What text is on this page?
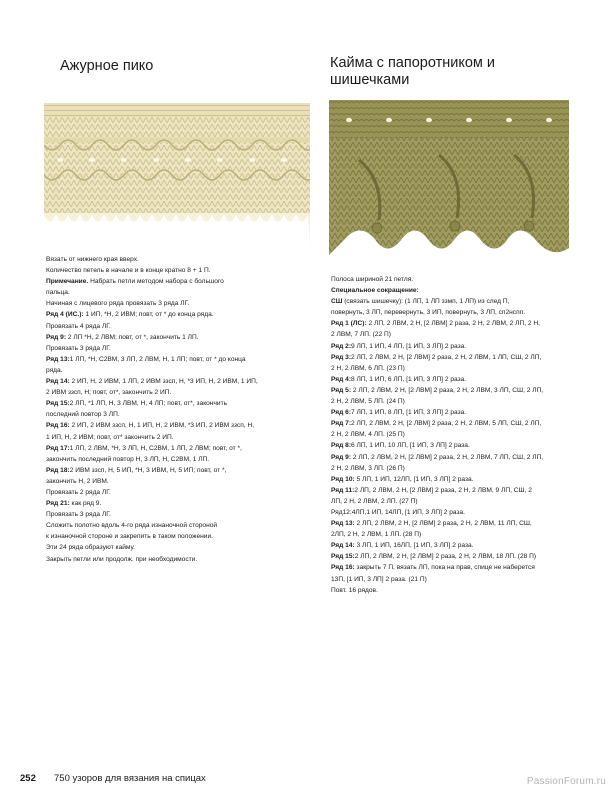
Ажурное пико	Кайма с папоротником и шишечками
Вязать от нижнего края вверх.
Количество петель в начале и в конце кратно 8 + 1 П.
Примечание. Набрать петли методом набора с большого
пальца.
Начиная с лицевого ряда провязать 3 ряда ЛГ.
Ряд 4 (ИС.): 1 ИП, *Н, 2 ИВМ; повт, от * до конца ряда.
Провязать 4 ряда ЛГ.
Ряд 9: 2 ЛП *Н, 2 ЛВМ; повт, от *, закончить 1 ЛП.
Провязать 3 ряда ЛГ.
Ряд 13:1 ЛП, *Н, С2ВМ, 3 ЛП, 2 ЛВМ, Н, 1 ЛП; повт, от * до конца
ряда.
Ряд 14: 2 ИП, Н, 2 ИВМ, 1 ЛП, 2 ИВМ ззсп, Н, *3 ИП, Н, 2 ИВМ, 1 ИП,
2 ИВМ ззсп, Н; повт, от*, закончить 2 ИП.
Ряд 15:2 ЛП, *1 ЛП, Н, 3 ЛВМ, Н, 4 ЛП; повт, от*, закончить
последний повтор 3 ЛП.
Ряд 16: 2 ИП, 2 ИВМ ззсп, Н, 1 ИП, Н, 2 ИВМ, *3 ИП, 2 ИВМ ззсп, Н,
1 ИП, Н, 2 ИВМ; повт, от* закончить 2 ИП.
Ряд 17:1 ЛП, 2 ЛВМ, *Н, 3 ЛП, Н, С2ВМ, 1 ЛП, 2 ЛВМ; повт, от *,
закончить последний повтор Н, 3 ЛП, Н, С2ВМ, 1 ЛП.
Ряд 18:2 ИВМ ззсп, Н, 5 ИП, *Н, 3 ИВМ, Н, 5 ИП; повт, от *,
закончить Н, 2 ИВМ.
Провязать 2 ряда ЛГ.
Ряд 21: как ряд 9.
Провязать 3 ряда ЛГ.
Сложить полотно вдоль 4-го ряда изнаночной стороной
к изнаночной стороне и закрепить в таком положении.
Эти 24 ряда образуют кайму.
Закрыть петли или продолж. при необходимости.
Полоса шириной 21 петля.
Специальное сокращение:
СШ (связать шишечку): (1 ЛП, 1 ЛП ззмп, 1 ЛП) из след П,
повернуть, 3 ЛП, перевернуть, 3 ИП, повернуть, 3 ЛП, сп2нспп.
Ряд 1 (ЛС): 2 ЛП, 2 ЛВМ, 2 Н, [2 ЛВМ] 2 раза, 2 Н, 2 ЛВМ, 2 ЛП, 2 Н,
2 ЛВМ, 7 ЛП. (22 П)
Ряд 2:9 ЛП, 1 ИП, 4 ЛП, [1 ИП, 3 ЛП] 2 раза.
Ряд 3:2 ЛП, 2 ЛВМ, 2 Н, [2 ЛВМ] 2 раза, 2 Н, 2 ЛВМ, 1 ЛП, СШ, 2 ЛП,
2 Н, 2 ЛВМ, 6 ЛП. (23 П)
Ряд 4:8 ЛП, 1 ИП, 6 ЛП, [1 ИП, 3 ЛП] 2 раза.
Ряд 5: 2 ЛП, 2 ЛВМ, 2 Н, [2 ЛВМ] 2 раза, 2 Н, 2 ЛВМ, 3 ЛП, СШ, 2 ЛП,
2 Н, 2 ЛВМ, 5 ЛП. (24 П)
Ряд 6:7 ЛП, 1 ИП, 8 ЛП, [1 ИП, 3 ЛП] 2 раза.
Ряд 7:2 ЛП, 2 ЛВМ, 2 Н, [2 ЛВМ] 2 раза, 2 Н, 2 ЛВМ, 5 ЛП, СШ, 2 ЛП,
2 Н, 2 ЛВМ, 4 ЛП. (25 П)
Ряд 8:6 ЛП, 1 ИП, 10 ЛП, [1 ИП, 3 ЛП] 2 раза.
Ряд 9: 2 ЛП, 2 ЛВМ, 2 Н, [2 ЛВМ] 2 раза, 2 Н, 2 ЛВМ, 7 ЛП, СШ, 2 ЛП,
2 Н, 2 ЛВМ, 3 ЛП. (26 П)
Ряд 10: 5 ЛП, 1 ИП, 12ЛП, [1 ИП, 3 ЛП] 2 раза.
Ряд 11:2 ЛП, 2 ЛВМ, 2 Н, [2 ЛВМ] 2 раза, 2 Н, 2 ЛВМ, 9 ЛП, СШ, 2
ЛП, 2 Н, 2 ЛВМ, 2 ЛП. (27 П)
Ряд12:4ЛП,1 ИП, 14ЛП, [1 ИП, 3 ЛП] 2 раза.
Ряд 13: 2 ЛП, 2 ЛВМ, 2 Н, [2 ЛВМ] 2 раза, 2 Н, 2 ЛВМ, 11 ЛП, СШ,
2ЛП, 2 Н, 2 ЛВМ, 1 ЛП. (28 П)
Ряд 14: 3 ЛП, 1 ИП, 16ЛП, [1 ИП, 3 ЛП] 2 раза.
Ряд 15:2 ЛП, 2 ЛВМ, 2 Н, [2 ЛВМ] 2 раза, 2 Н, 2 ЛВМ, 18 ЛП. (28 П)
Ряд 16: закрыть 7 П, вязать ЛП, пока на прав, спице не наберется
13П, [1 ИП, 3 ЛП] 2 раза. (21 П)
Повт. 16 рядов.
252 750 узоров для вязания на спицах	PassionForum.ru
